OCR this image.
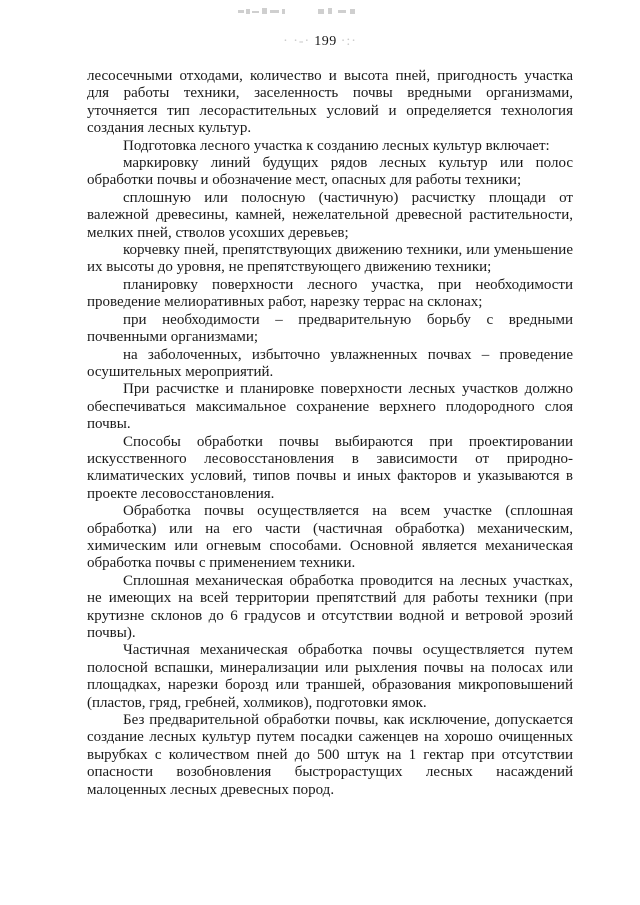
· ·-· 199 ·:·

лесосечными отходами, количество и высота пней, пригодность участка для работы техники, заселенность почвы вредными организмами, уточняется тип лесорастительных условий и определяется технология создания лесных культур.

Подготовка лесного участка к созданию лесных культур включает:

маркировку линий будущих рядов лесных культур или полос обработки почвы и обозначение мест, опасных для работы техники;

сплошную или полосную (частичную) расчистку площади от валежной древесины, камней, нежелательной древесной растительности, мелких пней, стволов усохших деревьев;

корчевку пней, препятствующих движению техники, или уменьшение их высоты до уровня, не препятствующего движению техники;

планировку поверхности лесного участка, при необходимости проведение мелиоративных работ, нарезку террас на склонах;

при необходимости – предварительную борьбу с вредными почвенными организмами;

на заболоченных, избыточно увлажненных почвах – проведение осушительных мероприятий.

При расчистке и планировке поверхности лесных участков должно обеспечиваться максимальное сохранение верхнего плодородного слоя почвы.

Способы обработки почвы выбираются при проектировании искусственного лесовосстановления в зависимости от природно-климатических условий, типов почвы и иных факторов и указываются в проекте лесовосстановления.

Обработка почвы осуществляется на всем участке (сплошная обработка) или на его части (частичная обработка) механическим, химическим или огневым способами. Основной является механическая обработка почвы с применением техники.

Сплошная механическая обработка проводится на лесных участках, не имеющих на всей территории препятствий для работы техники (при крутизне склонов до 6 градусов и отсутствии водной и ветровой эрозий почвы).

Частичная механическая обработка почвы осуществляется путем полосной вспашки, минерализации или рыхления почвы на полосах или площадках, нарезки борозд или траншей, образования микроповышений (пластов, гряд, гребней, холмиков), подготовки ямок.

Без предварительной обработки почвы, как исключение, допускается создание лесных культур путем посадки саженцев на хорошо очищенных вырубках с количеством пней до 500 штук на 1 гектар при отсутствии опасности возобновления быстрорастущих лесных насаждений малоценных лесных древесных пород.
